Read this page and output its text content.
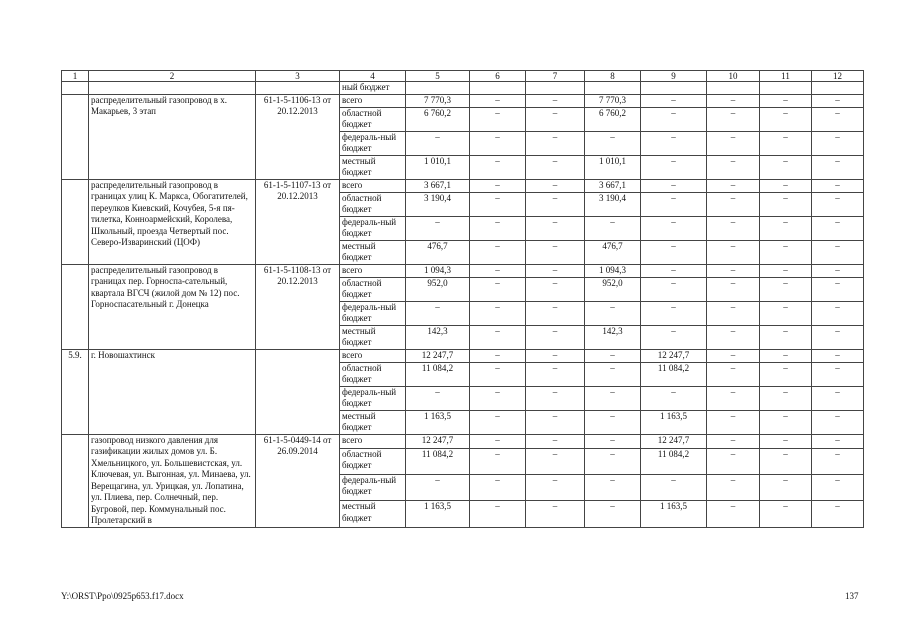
1	2	3	4	5	6	7	8	9	10	11	12
			ный бюджет								
	распределительный газопровод в х. Макарьев, 3 этап	61-1-5-1106-13 от 20.12.2013	всего	7 770,3	–	–	7 770,3	–	–	–	–
			областной бюджет	6 760,2	–	–	6 760,2	–	–	–	–
			федераль-ный бюджет	–	–	–	–	–	–	–	–
			местный бюджет	1 010,1	–	–	1 010,1	–	–	–	–
	распределительный газопровод в границах улиц К. Маркса, Обогатителей, переулков Киевский, Кочубея, 5-я пя-тилетка, Конноармейский, Королева, Школьный, проезда Четвертый пос. Северо-Изваринский (ЦОФ)	61-1-5-1107-13 от 20.12.2013	всего	3 667,1	–	–	3 667,1	–	–	–	–
			областной бюджет	3 190,4	–	–	3 190,4	–	–	–	–
			федераль-ный бюджет	–	–	–	–	–	–	–	–
			местный бюджет	476,7	–	–	476,7	–	–	–	–
	распределительный газопровод в границах пер. Горноспа-сательный, квартала ВГСЧ (жилой дом № 12) пос. Горноспасательный г. Донецка	61-1-5-1108-13 от 20.12.2013	всего	1 094,3	–	–	1 094,3	–	–	–	–
			областной бюджет	952,0	–	–	952,0	–	–	–	–
			федераль-ный бюджет	–	–	–	–	–	–	–	–
			местный бюджет	142,3	–	–	142,3	–	–	–	–
5.9.	г. Новошахтинск		всего	12 247,7	–	–	–	12 247,7	–	–	–
			областной бюджет	11 084,2	–	–	–	11 084,2	–	–	–
			федераль-ный бюджет	–	–	–	–	–	–	–	–
			местный бюджет	1 163,5	–	–	–	1 163,5	–	–	–
	газопровод низкого давления для газификации жилых домов ул. Б. Хмельницкого, ул. Большевистская, ул. Ключевая, ул. Выгонная, ул. Минаева, ул. Верещагина, ул. Урицкая, ул. Лопатина, ул. Плиева, пер. Солнечный, пер. Бугровой, пер. Коммунальный пос. Пролетарский в	61-1-5-0449-14 от 26.09.2014	всего	12 247,7	–	–	–	12 247,7	–	–	–
			областной бюджет	11 084,2	–	–	–	11 084,2	–	–	–
			федераль-ный бюджет	–	–	–	–	–	–	–	–
			местный бюджет	1 163,5	–	–	–	1 163,5	–	–	–
Y:\ORST\Ppo\0925p653.f17.docx	137
